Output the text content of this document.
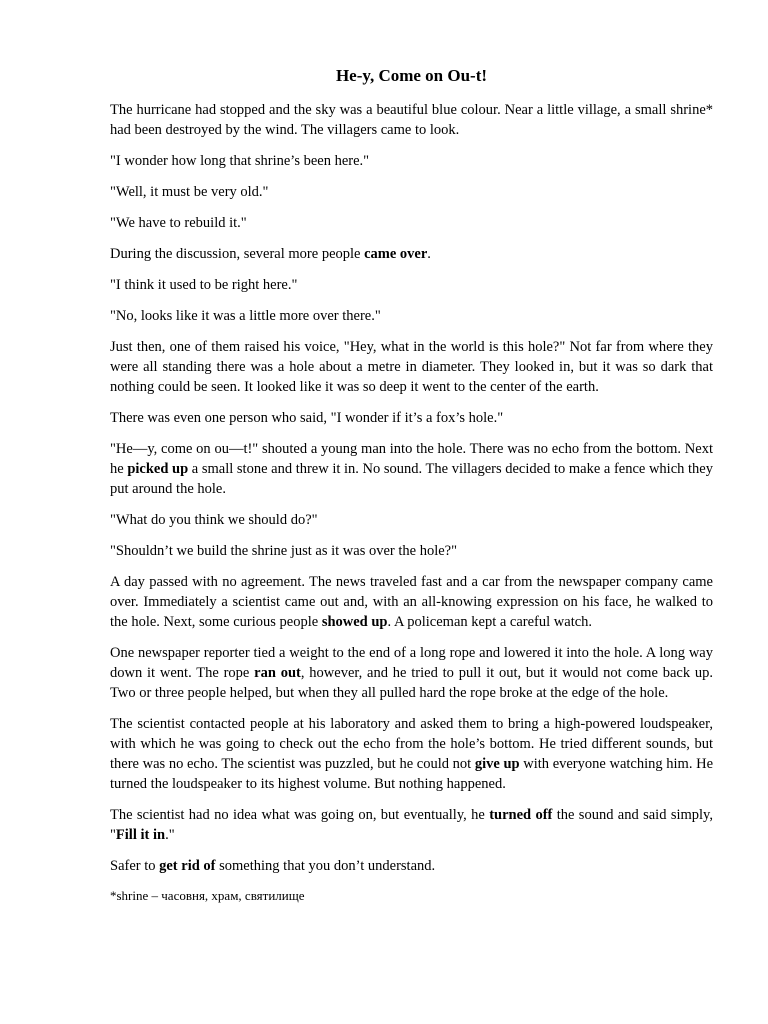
He-y, Come on Ou-t!

The hurricane had stopped and the sky was a beautiful blue colour. Near a little village, a small shrine* had been destroyed by the wind. The villagers came to look.

"I wonder how long that shrine’s been here."

"Well, it must be very old."

"We have to rebuild it."

During the discussion, several more people came over.

"I think it used to be right here."

"No, looks like it was a little more over there."

Just then, one of them raised his voice, "Hey, what in the world is this hole?" Not far from where they were all standing there was a hole about a metre in diameter. They looked in, but it was so dark that nothing could be seen. It looked like it was so deep it went to the center of the earth.

There was even one person who said, "I wonder if it’s a fox’s hole."

"He—y, come on ou—t!" shouted a young man into the hole. There was no echo from the bottom. Next he picked up a small stone and threw it in. No sound. The villagers decided to make a fence which they put around the hole.

"What do you think we should do?"

"Shouldn’t we build the shrine just as it was over the hole?"

A day passed with no agreement. The news traveled fast and a car from the newspaper company came over. Immediately a scientist came out and, with an all-knowing expression on his face, he walked to the hole. Next, some curious people showed up. A policeman kept a careful watch.

One newspaper reporter tied a weight to the end of a long rope and lowered it into the hole. A long way down it went. The rope ran out, however, and he tried to pull it out, but it would not come back up. Two or three people helped, but when they all pulled hard the rope broke at the edge of the hole.

The scientist contacted people at his laboratory and asked them to bring a high-powered loudspeaker, with which he was going to check out the echo from the hole’s bottom. He tried different sounds, but there was no echo. The scientist was puzzled, but he could not give up with everyone watching him. He turned the loudspeaker to its highest volume. But nothing happened.

The scientist had no idea what was going on, but eventually, he turned off the sound and said simply, "Fill it in."

Safer to get rid of something that you don’t understand.

*shrine – часовня, храм, святилище
